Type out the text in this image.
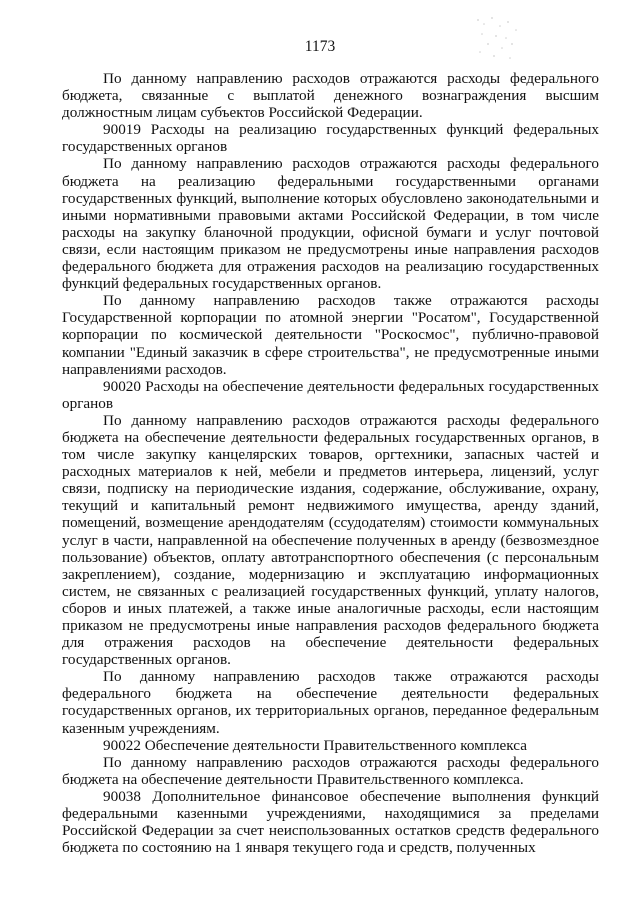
1173

По данному направлению расходов отражаются расходы федерального бюджета, связанные с выплатой денежного вознаграждения высшим должностным лицам субъектов Российской Федерации.

90019 Расходы на реализацию государственных функций федеральных государственных органов

По данному направлению расходов отражаются расходы федерального бюджета на реализацию федеральными государственными органами государственных функций, выполнение которых обусловлено законодательными и иными нормативными правовыми актами Российской Федерации, в том числе расходы на закупку бланочной продукции, офисной бумаги и услуг почтовой связи, если настоящим приказом не предусмотрены иные направления расходов федерального бюджета для отражения расходов на реализацию государственных функций федеральных государственных органов.

По данному направлению расходов также отражаются расходы Государственной корпорации по атомной энергии "Росатом", Государственной корпорации по космической деятельности "Роскосмос", публично-правовой компании "Единый заказчик в сфере строительства", не предусмотренные иными направлениями расходов.

90020 Расходы на обеспечение деятельности федеральных государственных органов

По данному направлению расходов отражаются расходы федерального бюджета на обеспечение деятельности федеральных государственных органов, в том числе закупку канцелярских товаров, оргтехники, запасных частей и расходных материалов к ней, мебели и предметов интерьера, лицензий, услуг связи, подписку на периодические издания, содержание, обслуживание, охрану, текущий и капитальный ремонт недвижимого имущества, аренду зданий, помещений, возмещение арендодателям (ссудодателям) стоимости коммунальных услуг в части, направленной на обеспечение полученных в аренду (безвозмездное пользование) объектов, оплату автотранспортного обеспечения (с персональным закреплением), создание, модернизацию и эксплуатацию информационных систем, не связанных с реализацией государственных функций, уплату налогов, сборов и иных платежей, а также иные аналогичные расходы, если настоящим приказом не предусмотрены иные направления расходов федерального бюджета для отражения расходов на обеспечение деятельности федеральных государственных органов.

По данному направлению расходов также отражаются расходы федерального бюджета на обеспечение деятельности федеральных государственных органов, их территориальных органов, переданное федеральным казенным учреждениям.

90022 Обеспечение деятельности Правительственного комплекса

По данному направлению расходов отражаются расходы федерального бюджета на обеспечение деятельности Правительственного комплекса.

90038 Дополнительное финансовое обеспечение выполнения функций федеральными казенными учреждениями, находящимися за пределами Российской Федерации за счет неиспользованных остатков средств федерального бюджета по состоянию на 1 января текущего года и средств, полученных
